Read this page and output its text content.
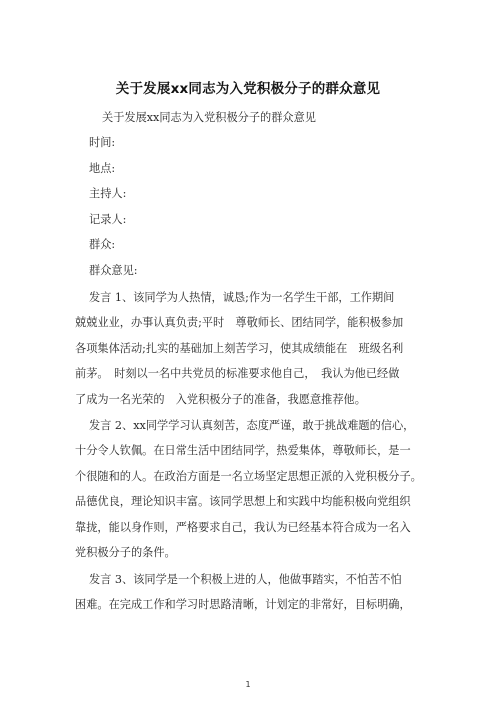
关于发展xx同志为入党积极分子的群众意见
关于发展xx同志为入党积极分子的群众意见
时间:
地点:
主持人:
记录人:
群众:
群众意见:
发言 1、该同学为人热情，诚恳;作为一名学生干部，工作期间
兢兢业业，办事认真负责;平时　尊敬师长、团结同学，能积极参加
各项集体活动;扎实的基础加上刻苦学习，使其成绩能在　班级名利
前茅。　时刻以一名中共党员的标准要求他自己，　我认为他已经做
了成为一名光荣的　入党积极分子的准备，我愿意推荐他。
发言 2、xx同学学习认真刻苦，态度严谨，敢于挑战难题的信心，
十分令人钦佩。在日常生活中团结同学，热爱集体，尊敬师长，是一
个很随和的人。在政治方面是一名立场坚定思想正派的入党积极分子。
品德优良，理论知识丰富。该同学思想上和实践中均能积极向党组织
靠拢，能以身作则，严格要求自己，我认为已经基本符合成为一名入
党积极分子的条件。
发言 3、该同学是一个积极上进的人，他做事踏实，不怕苦不怕
困难。在完成工作和学习时思路清晰，计划定的非常好，目标明确，
1
